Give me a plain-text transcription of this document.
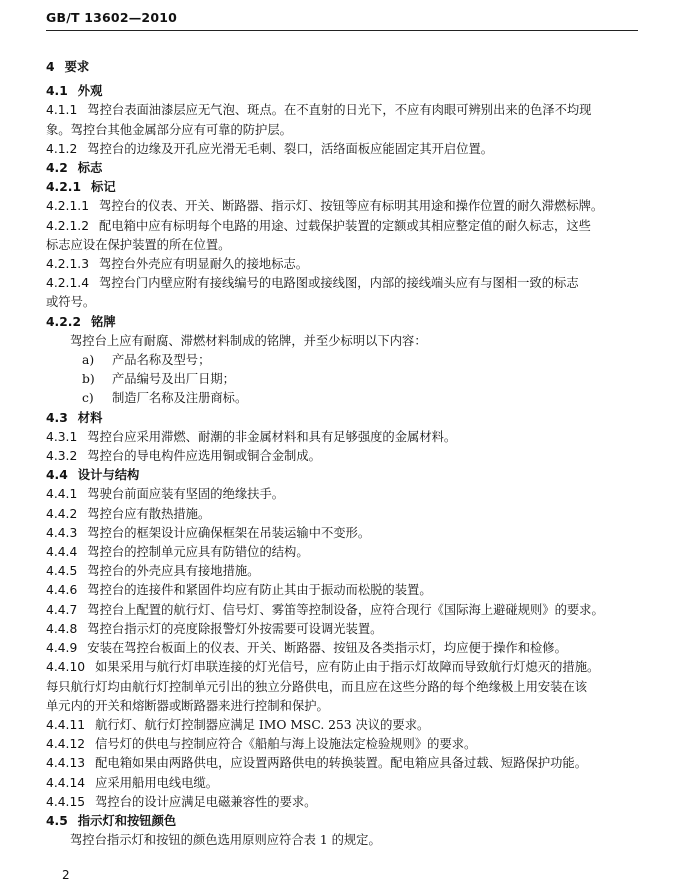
GB/T 13602—2010
4 要求
4.1 外观
4.1.1 驾控台表面油漆层应无气泡、斑点。在不直射的日光下，不应有肉眼可辨别出来的色泽不均现
象。驾控台其他金属部分应有可靠的防护层。
4.1.2 驾控台的边缘及开孔应光滑无毛刺、裂口，活络面板应能固定其开启位置。
4.2 标志
4.2.1 标记
4.2.1.1 驾控台的仪表、开关、断路器、指示灯、按钮等应有标明其用途和操作位置的耐久滞燃标牌。
4.2.1.2 配电箱中应有标明每个电路的用途、过载保护装置的定额或其相应整定值的耐久标志，这些
标志应设在保护装置的所在位置。
4.2.1.3 驾控台外壳应有明显耐久的接地标志。
4.2.1.4 驾控台门内壁应附有接线编号的电路图或接线图，内部的接线端头应有与图相一致的标志
或符号。
4.2.2 铭牌
驾控台上应有耐腐、滞燃材料制成的铭牌，并至少标明以下内容：
a) 产品名称及型号；
b) 产品编号及出厂日期；
c) 制造厂名称及注册商标。
4.3 材料
4.3.1 驾控台应采用滞燃、耐潮的非金属材料和具有足够强度的金属材料。
4.3.2 驾控台的导电构件应选用铜或铜合金制成。
4.4 设计与结构
4.4.1 驾驶台前面应装有坚固的绝缘扶手。
4.4.2 驾控台应有散热措施。
4.4.3 驾控台的框架设计应确保框架在吊装运输中不变形。
4.4.4 驾控台的控制单元应具有防错位的结构。
4.4.5 驾控台的外壳应具有接地措施。
4.4.6 驾控台的连接件和紧固件均应有防止其由于振动而松脱的装置。
4.4.7 驾控台上配置的航行灯、信号灯、雾笛等控制设备，应符合现行《国际海上避碰规则》的要求。
4.4.8 驾控台指示灯的亮度除报警灯外按需要可设调光装置。
4.4.9 安装在驾控台板面上的仪表、开关、断路器、按钮及各类指示灯，均应便于操作和检修。
4.4.10 如果采用与航行灯串联连接的灯光信号，应有防止由于指示灯故障而导致航行灯熄灭的措施。
每只航行灯均由航行灯控制单元引出的独立分路供电，而且应在这些分路的每个绝缘极上用安装在该
单元内的开关和熔断器或断路器来进行控制和保护。
4.4.11 航行灯、航行灯控制器应满足 IMO MSC. 253 决议的要求。
4.4.12 信号灯的供电与控制应符合《船舶与海上设施法定检验规则》的要求。
4.4.13 配电箱如果由两路供电，应设置两路供电的转换装置。配电箱应具备过载、短路保护功能。
4.4.14 应采用船用电线电缆。
4.4.15 驾控台的设计应满足电磁兼容性的要求。
4.5 指示灯和按钮颜色
驾控台指示灯和按钮的颜色选用原则应符合表 1 的规定。
2
